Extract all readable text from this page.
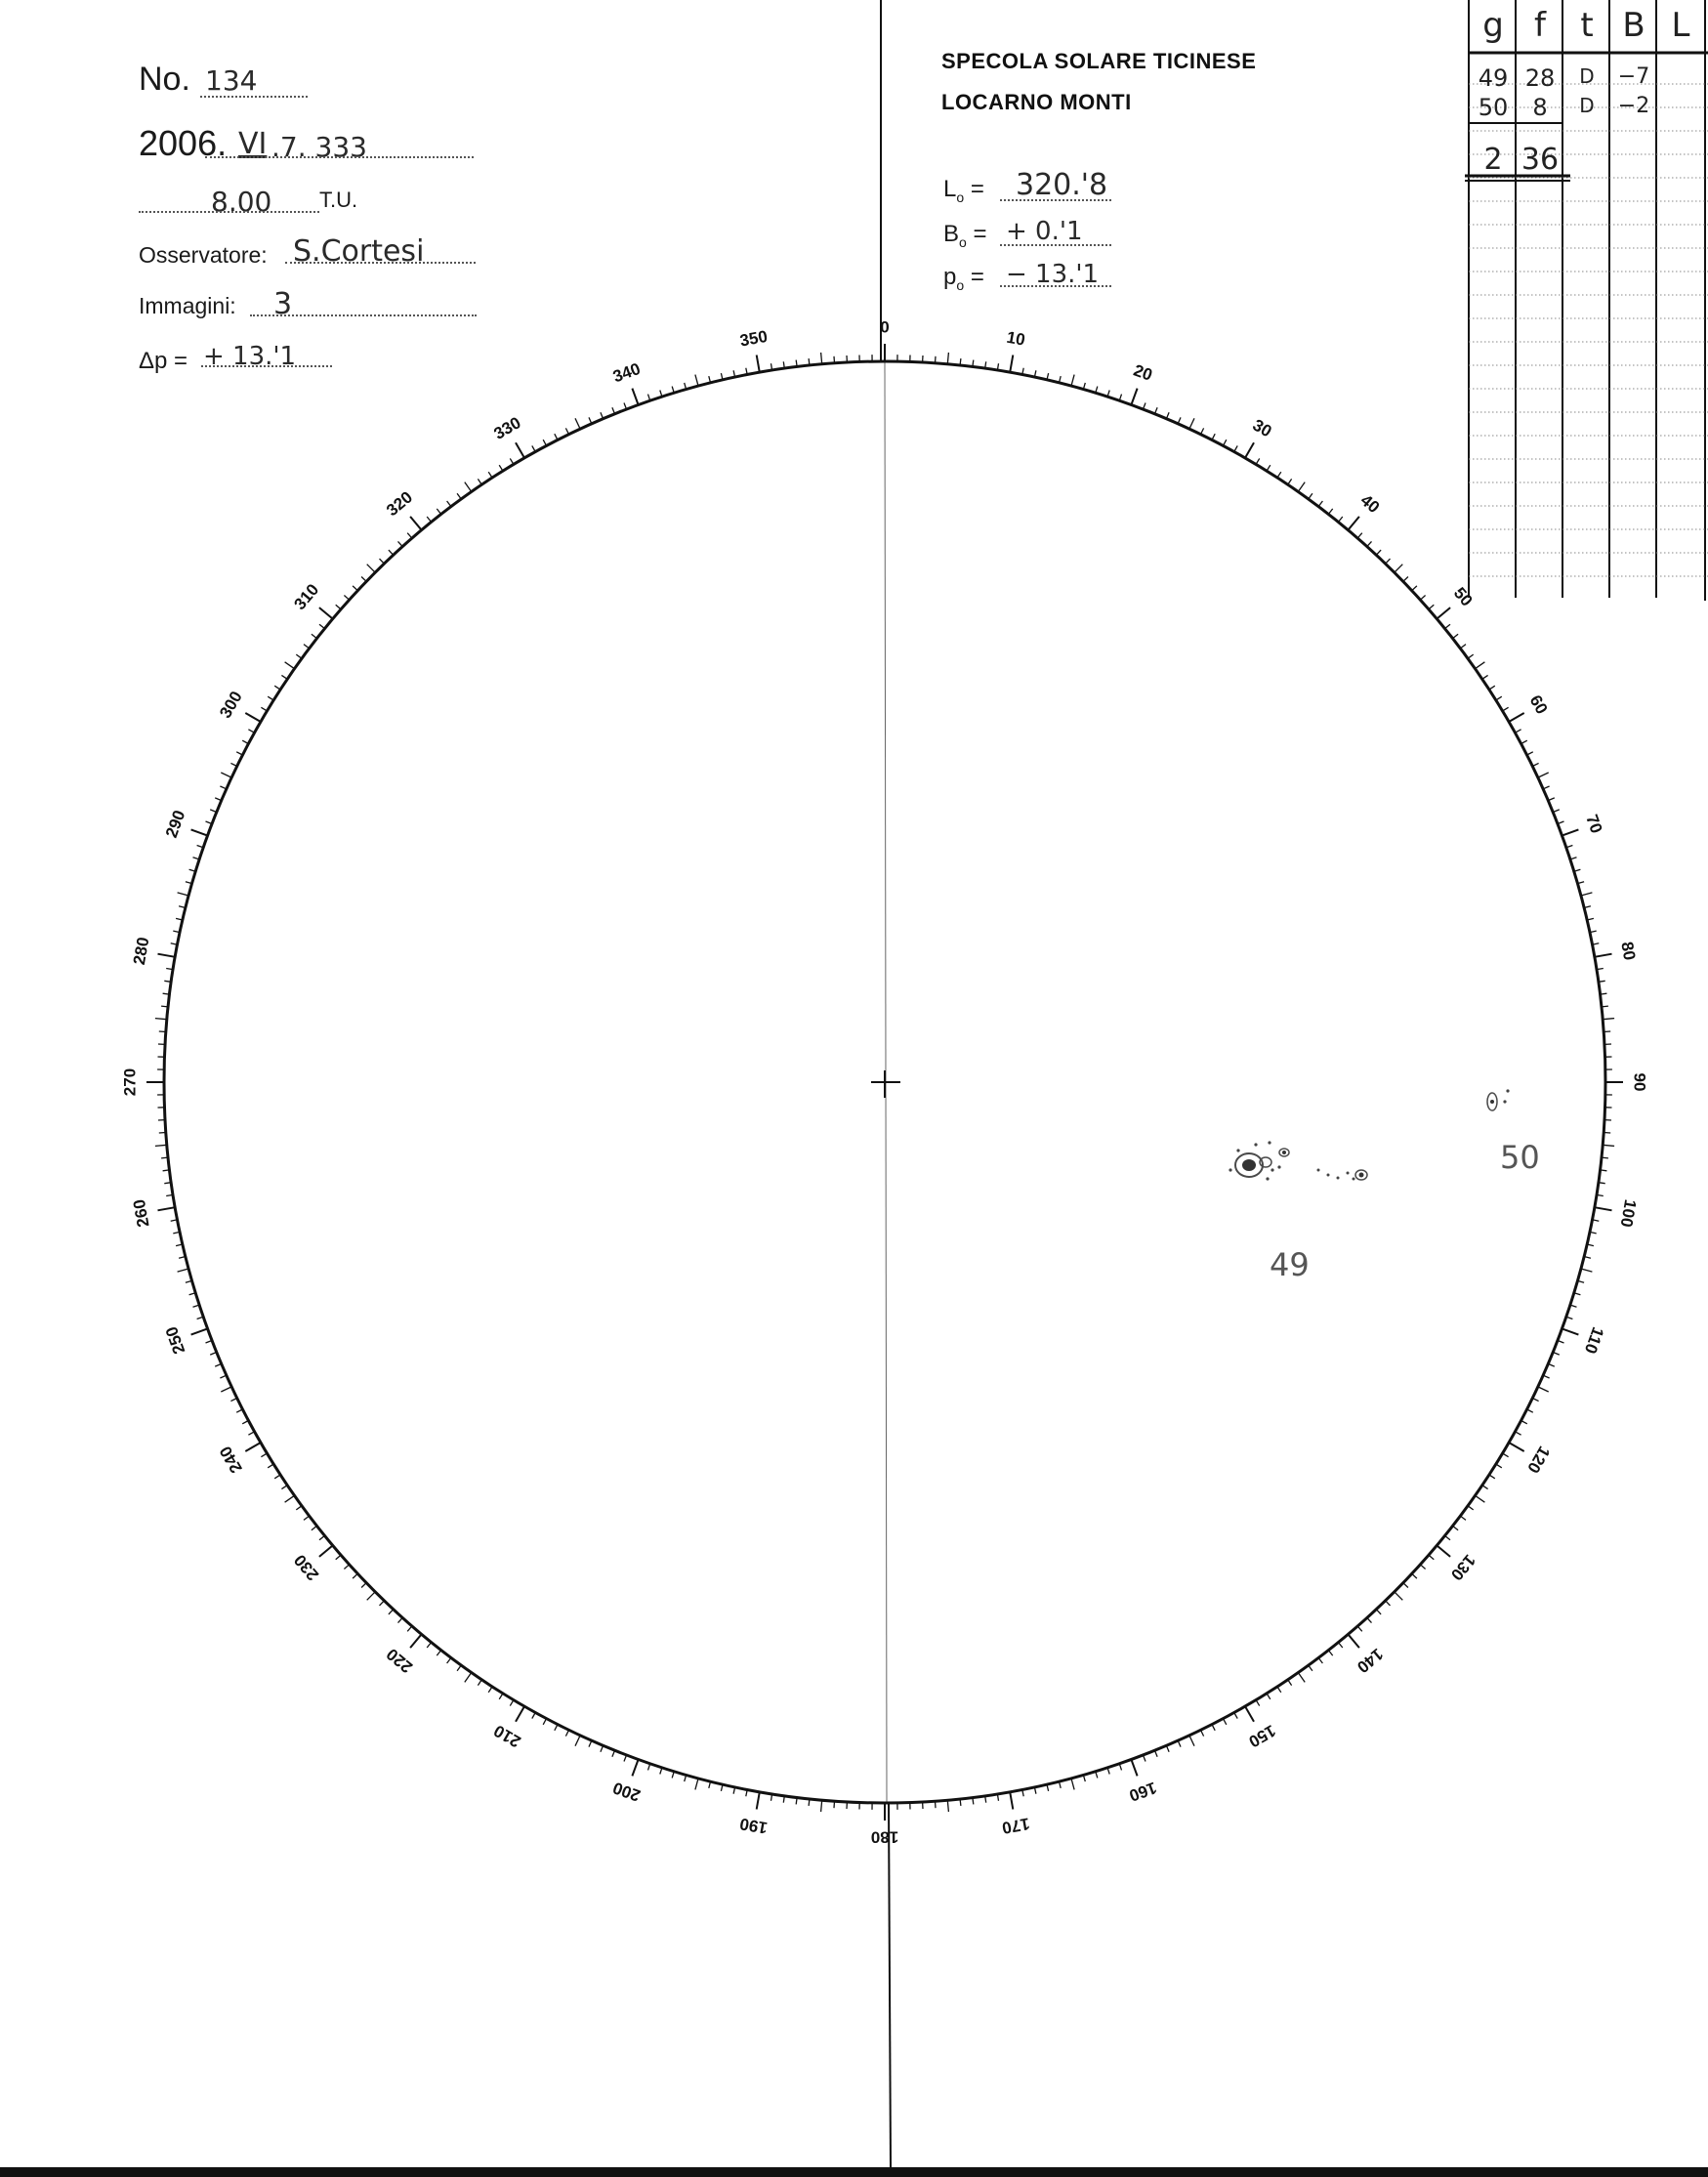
0
10
20
30
40
50
60
70
80
90
100
110
120
130
140
150
160
170
180
190
200
210
220
230
240
250
260
270
280
290
300
310
320
330
340
350
No. 134
2006. VI .7. 333
8.00 T.U.
Osservatore: S.Cortesi
Immagini: 3
Δp = + 13.'1
SPECOLA SOLARE TICINESE
LOCARNO MONTI
$L_o = 320.'8$
$B_o$ = + 0.'1
$p_o$ = − 13.'1
g f	t B L
49 28	D	−7
50	8	D	−2
2 36
49
50
